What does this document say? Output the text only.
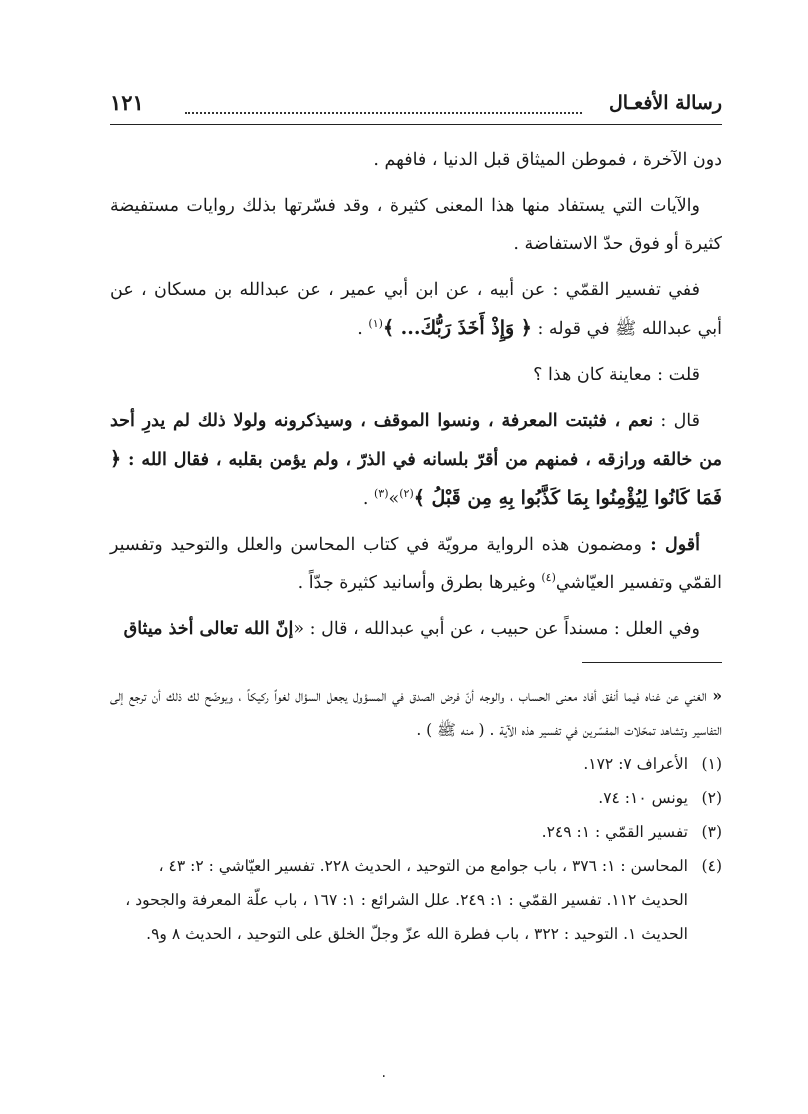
رسالة الأفعـال
١٢١

دون الآخرة ، فموطن الميثاق قبل الدنيا ، فافهم .

والآيات التي يستفاد منها هذا المعنى كثيرة ، وقد فسّرتها بذلك روايات مستفيضة كثيرة أو فوق حدّ الاستفاضة .

ففي تفسير القمّي : عن أبيه ، عن ابن أبي عمير ، عن عبدالله بن مسكان ، عن أبي عبدالله ﷺ في قوله : ﴿ وَإِذْ أَخَذَ رَبُّكَ... ﴾$^{(١)}$ .

قلت : معاينة كان هذا ؟

قال : نعم ، فثبتت المعرفة ، ونسوا الموقف ، وسيذكرونه ولولا ذلك لم يدرِ أحد من خالقه ورازقه ، فمنهم من أقرّ بلسانه في الذرّ ، ولم يؤمن بقلبه ، فقال الله : ﴿ فَمَا كَانُوا لِيُؤْمِنُوا بِمَا كَذَّبُوا بِهِ مِن قَبْلُ ﴾$^{(٢)}$»$^{(٣)}$ .

أقول : ومضمون هذه الرواية مرويّة في كتاب المحاسن والعلل والتوحيد وتفسير القمّي وتفسير العيّاشي$^{(٤)}$ وغيرها بطرق وأسانيد كثيرة جدّاً .

وفي العلل : مسنداً عن حبيب ، عن أبي عبدالله ، قال : «إنّ الله تعالى أخذ ميثاق

« الغني عن غناه فيما أنفق أفاد معنى الحساب ، والوجه أنّ فرض الصدق في المسؤول يجعل السؤال لغواً ركيكاً ، ويوضّح لك ذلك أن ترجع إلى التفاسير وتشاهد تمحّلات المفسّرين في تفسير هذه الآية . ( منه ﷺ ) .

(١)
الأعراف ٧: ١٧٢.
(٢)
يونس ١٠: ٧٤.
(٣)
تفسير القمّي : ١: ٢٤٩.
(٤)
المحاسن : ١: ٣٧٦ ، باب جوامع من التوحيد ، الحديث ٢٢٨. تفسير العيّاشي : ٢: ٤٣ ، الحديث ١١٢. تفسير القمّي : ١: ٢٤٩. علل الشرائع : ١: ١٦٧ ، باب علّة المعرفة والجحود ، الحديث ١. التوحيد : ٣٢٢ ، باب فطرة الله عزّ وجلّ الخلق على التوحيد ، الحديث ٨ و٩.
۰
